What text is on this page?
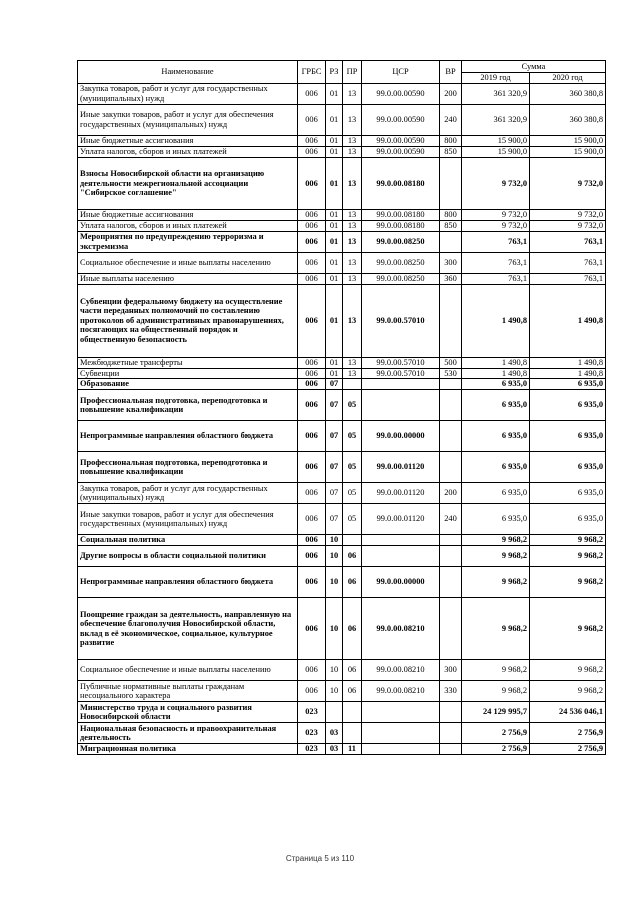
Наименование	ГРБС	РЗ	ПР	ЦСР	ВР	Сумма	
						2019 год	2020 год
Закупка товаров, работ и услуг для государственных (муниципальных) нужд	006	01	13	99.0.00.00590	200	361 320,9	360 380,8
Иные закупки товаров, работ и услуг для обеспечения государственных (муниципальных) нужд	006	01	13	99.0.00.00590	240	361 320,9	360 380,8
Иные бюджетные ассигнования	006	01	13	99.0.00.00590	800	15 900,0	15 900,0
Уплата налогов, сборов и иных платежей	006	01	13	99.0.00.00590	850	15 900,0	15 900,0
Взносы Новосибирской области на организацию деятельности межрегиональной ассоциации "Сибирское соглашение"	006	01	13	99.0.00.08180		9 732,0	9 732,0
Иные бюджетные ассигнования	006	01	13	99.0.00.08180	800	9 732,0	9 732,0
Уплата налогов, сборов и иных платежей	006	01	13	99.0.00.08180	850	9 732,0	9 732,0
Мероприятия по предупреждению терроризма и экстремизма	006	01	13	99.0.00.08250		763,1	763,1
Социальное обеспечение и иные выплаты населению	006	01	13	99.0.00.08250	300	763,1	763,1
Иные выплаты населению	006	01	13	99.0.00.08250	360	763,1	763,1
Субвенции федеральному бюджету на осуществление части переданных полномочий по составлению протоколов об административных правонарушениях, посягающих на общественный порядок и общественную безопасность	006	01	13	99.0.00.57010		1 490,8	1 490,8
Межбюджетные трансферты	006	01	13	99.0.00.57010	500	1 490,8	1 490,8
Субвенции	006	01	13	99.0.00.57010	530	1 490,8	1 490,8
Образование	006	07				6 935,0	6 935,0
Профессиональная подготовка, переподготовка и повышение квалификации	006	07	05			6 935,0	6 935,0
Непрограммные направления областного бюджета	006	07	05	99.0.00.00000		6 935,0	6 935,0
Профессиональная подготовка, переподготовка и повышение квалификации	006	07	05	99.0.00.01120		6 935,0	6 935,0
Закупка товаров, работ и услуг для государственных (муниципальных) нужд	006	07	05	99.0.00.01120	200	6 935,0	6 935,0
Иные закупки товаров, работ и услуг для обеспечения государственных (муниципальных) нужд	006	07	05	99.0.00.01120	240	6 935,0	6 935,0
Социальная политика	006	10				9 968,2	9 968,2
Другие вопросы в области социальной политики	006	10	06			9 968,2	9 968,2
Непрограммные направления областного бюджета	006	10	06	99.0.00.00000		9 968,2	9 968,2
Поощрение граждан за деятельность, направленную на обеспечение благополучия Новосибирской области, вклад в её экономическое, социальное, культурное развитие	006	10	06	99.0.00.08210		9 968,2	9 968,2
Социальное обеспечение и иные выплаты населению	006	10	06	99.0.00.08210	300	9 968,2	9 968,2
Публичные нормативные выплаты гражданам несоциального характера	006	10	06	99.0.00.08210	330	9 968,2	9 968,2
Министерство труда и социального развития Новосибирской области	023					24 129 995,7	24 536 046,1
Национальная безопасность и правоохранительная деятельность	023	03				2 756,9	2 756,9
Миграционная политика	023	03	11			2 756,9	2 756,9
Страница 5 из 110
